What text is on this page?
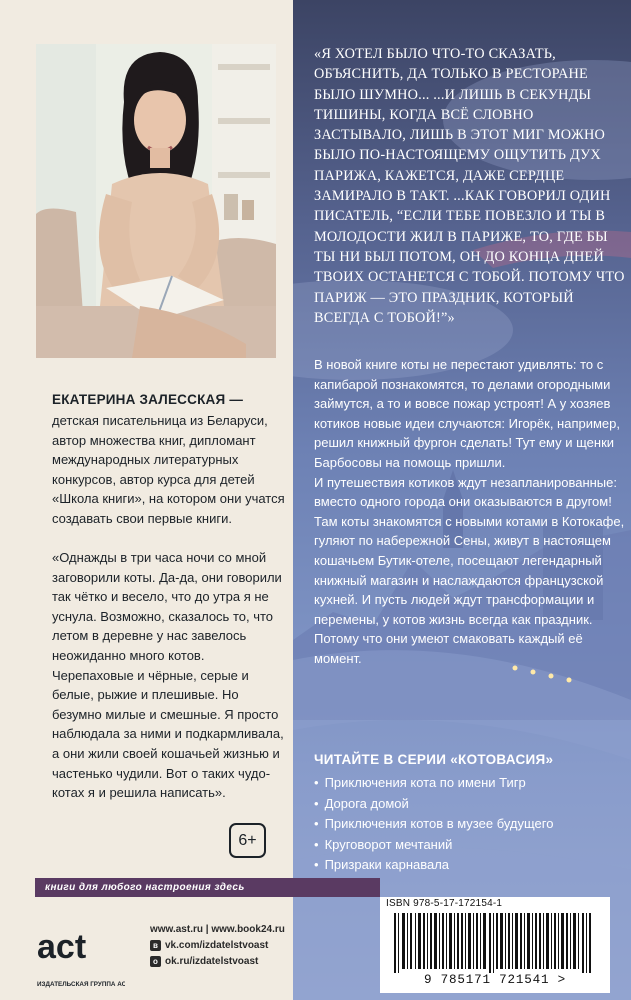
ЕКАТЕРИНА ЗАЛЕССКАЯ —

детская писательница из Беларуси, автор множества книг, дипломант международных литературных конкурсов, автор курса для детей «Школа книги», на котором они учатся создавать свои первые книги.

«Однажды в три часа ночи со мной заговорили коты. Да-да, они говорили так чётко и весело, что до утра я не уснула. Возможно, сказалось то, что летом в деревне у нас завелось неожиданно много котов. Черепаховые и чёрные, серые и белые, рыжие и плешивые. Но безумно милые и смешные. Я просто наблюдала за ними и подкармливала, а они жили своей кошачьей жизнью и частенько чудили. Вот о таких чудо-котах я и решила написать».

6+

«Я ХОТЕЛ БЫЛО ЧТО-ТО СКАЗАТЬ, ОБЪЯСНИТЬ, ДА ТОЛЬКО В РЕСТОРАНЕ БЫЛО ШУМНО... ...И ЛИШЬ В СЕКУНДЫ ТИШИНЫ, КОГДА ВСЁ СЛОВНО ЗАСТЫВАЛО, ЛИШЬ В ЭТОТ МИГ МОЖНО БЫЛО ПО-НАСТОЯЩЕМУ ОЩУТИТЬ ДУХ ПАРИЖА, КАЖЕТСЯ, ДАЖЕ СЕРДЦЕ ЗАМИРАЛО В ТАКТ. ...КАК ГОВОРИЛ ОДИН ПИСАТЕЛЬ, “ЕСЛИ ТЕБЕ ПОВЕЗЛО И ТЫ В МОЛОДОСТИ ЖИЛ В ПАРИЖЕ, ТО, ГДЕ БЫ ТЫ НИ БЫЛ ПОТОМ, ОН ДО КОНЦА ДНЕЙ ТВОИХ ОСТАНЕТСЯ С ТОБОЙ. ПОТОМУ ЧТО ПАРИЖ — ЭТО ПРАЗДНИК, КОТОРЫЙ ВСЕГДА С ТОБОЙ!”»

В новой книге коты не перестают удивлять: то с капибарой познакомятся, то делами огородными займутся, а то и вовсе пожар устроят! А у хозяев котиков новые идеи случаются: Игорёк, например, решил книжный фургон сделать! Тут ему и щенки Барбосовы на помощь пришли.
И путешествия котиков ждут незапланированные: вместо одного города они оказываются в другом! Там коты знакомятся с новыми котами в Котокафе, гуляют по набережной Сены, живут в настоящем кошачьем Бутик-отеле, посещают легендарный книжный магазин и наслаждаются французской кухней. И пусть людей ждут трансформации и перемены, у котов жизнь всегда как праздник. Потому что они умеют смаковать каждый её момент.

ЧИТАЙТЕ В СЕРИИ «КОТОВАСИЯ»
• Приключения кота по имени Тигр
• Дорога домой
• Приключения котов в музее будущего
• Круговорот мечтаний
• Призраки карнавала
книги для любого настроения здесь
act
ИЗДАТЕЛЬСКАЯ ГРУППА АСТ
www.ast.ru | www.book24.ru
в vk.com/izdatelstvoast
о ok.ru/izdatelstvoast

ISBN 978-5-17-172154-1

9 785171 721541 >
